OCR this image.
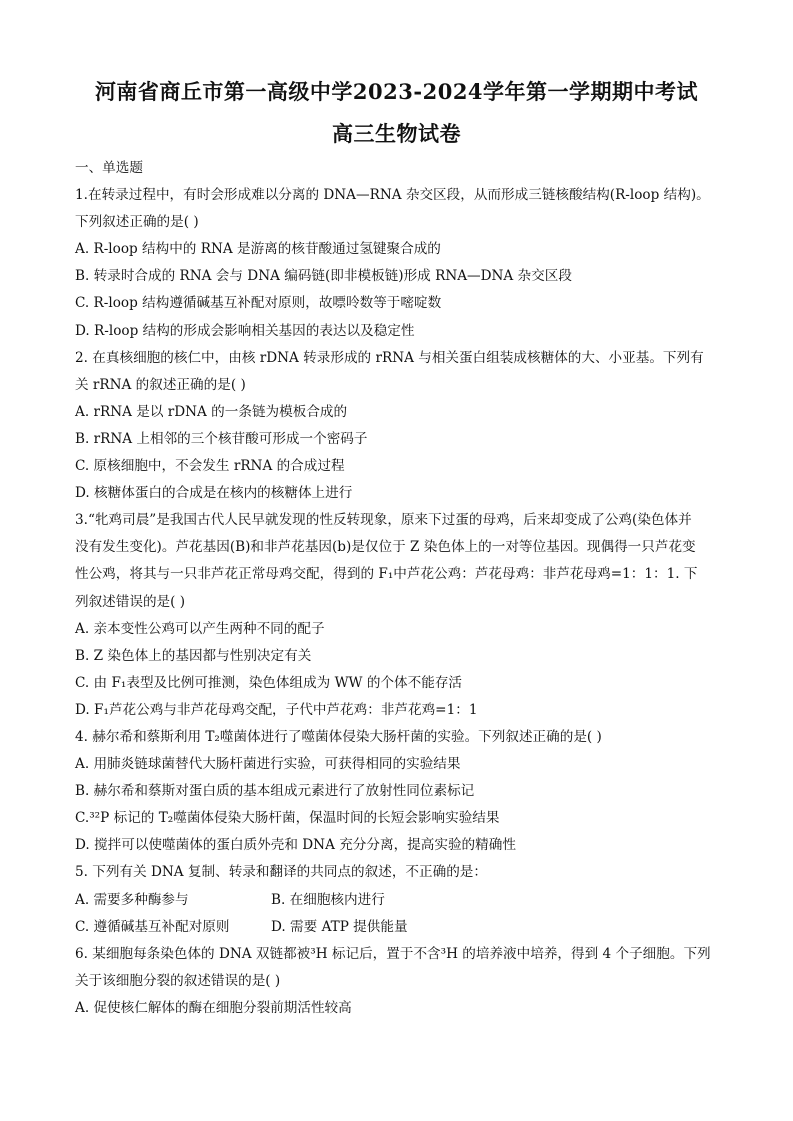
河南省商丘市第一高级中学2023-2024学年第一学期期中考试
高三生物试卷
一、单选题
1.在转录过程中，有时会形成难以分离的 DNA—RNA 杂交区段，从而形成三链核酸结构(R-loop 结构)。
下列叙述正确的是( )
A. R-loop 结构中的 RNA 是游离的核苷酸通过氢键聚合成的
B. 转录时合成的 RNA 会与 DNA 编码链(即非模板链)形成 RNA—DNA 杂交区段
C. R-loop 结构遵循碱基互补配对原则，故嘌呤数等于嘧啶数
D. R-loop 结构的形成会影响相关基因的表达以及稳定性
2. 在真核细胞的核仁中，由核 rDNA 转录形成的 rRNA 与相关蛋白组装成核糖体的大、小亚基。下列有
关 rRNA 的叙述正确的是( )
A. rRNA 是以 rDNA 的一条链为模板合成的
B. rRNA 上相邻的三个核苷酸可形成一个密码子
C. 原核细胞中，不会发生 rRNA 的合成过程
D. 核糖体蛋白的合成是在核内的核糖体上进行
3.“牝鸡司晨”是我国古代人民早就发现的性反转现象，原来下过蛋的母鸡，后来却变成了公鸡(染色体并
没有发生变化)。芦花基因(B)和非芦花基因(b)是仅位于 Z 染色体上的一对等位基因。现偶得一只芦花变
性公鸡，将其与一只非芦花正常母鸡交配，得到的 F₁中芦花公鸡：芦花母鸡：非芦花母鸡=1：1：1. 下
列叙述错误的是( )
A. 亲本变性公鸡可以产生两种不同的配子
B. Z 染色体上的基因都与性别决定有关
C. 由 F₁表型及比例可推测，染色体组成为 WW 的个体不能存活
D. F₁芦花公鸡与非芦花母鸡交配，子代中芦花鸡：非芦花鸡=1：1
4. 赫尔希和蔡斯利用 T₂噬菌体进行了噬菌体侵染大肠杆菌的实验。下列叙述正确的是( )
A. 用肺炎链球菌替代大肠杆菌进行实验，可获得相同的实验结果
B. 赫尔希和蔡斯对蛋白质的基本组成元素进行了放射性同位素标记
C.³²P 标记的 T₂噬菌体侵染大肠杆菌，保温时间的长短会影响实验结果
D. 搅拌可以使噬菌体的蛋白质外壳和 DNA 充分分离，提高实验的精确性
5. 下列有关 DNA 复制、转录和翻译的共同点的叙述，不正确的是：
A. 需要多种酶参与	B. 在细胞核内进行
C. 遵循碱基互补配对原则	D. 需要 ATP 提供能量
6. 某细胞每条染色体的 DNA 双链都被³H 标记后，置于不含³H 的培养液中培养，得到 4 个子细胞。下列
关于该细胞分裂的叙述错误的是( )
A. 促使核仁解体的酶在细胞分裂前期活性较高
